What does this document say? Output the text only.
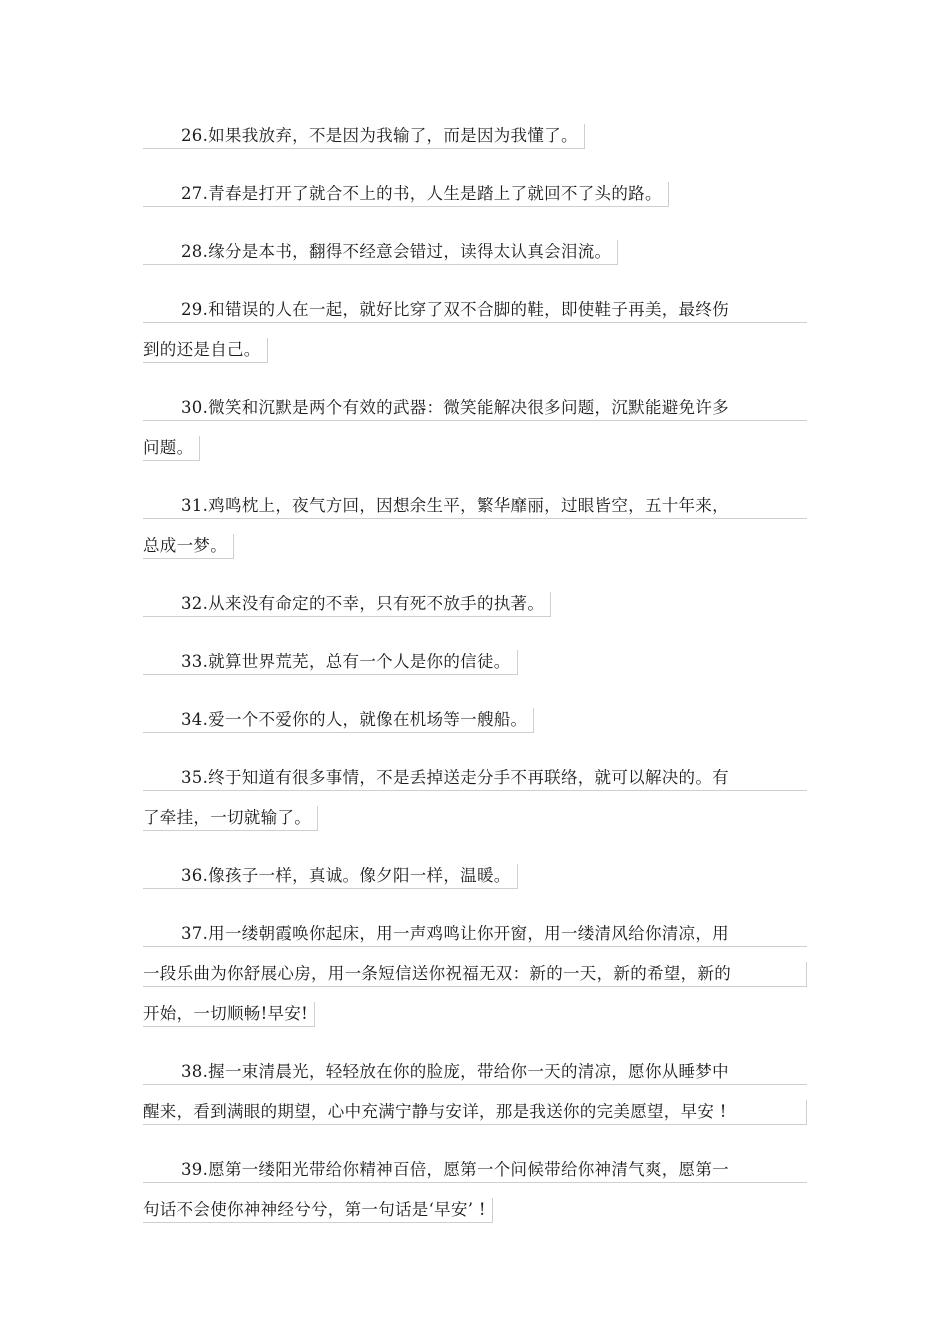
26.如果我放弃，不是因为我输了，而是因为我懂了。

27.青春是打开了就合不上的书，人生是踏上了就回不了头的路。

28.缘分是本书，翻得不经意会错过，读得太认真会泪流。

29.和错误的人在一起，就好比穿了双不合脚的鞋，即使鞋子再美，最终伤
到的还是自己。

30.微笑和沉默是两个有效的武器：微笑能解决很多问题，沉默能避免许多
问题。

31.鸡鸣枕上，夜气方回，因想余生平，繁华靡丽，过眼皆空，五十年来，
总成一梦。

32.从来没有命定的不幸，只有死不放手的执著。

33.就算世界荒芜，总有一个人是你的信徒。

34.爱一个不爱你的人，就像在机场等一艘船。

35.终于知道有很多事情，不是丢掉送走分手不再联络，就可以解决的。有
了牵挂，一切就输了。

36.像孩子一样，真诚。像夕阳一样，温暖。

37.用一缕朝霞唤你起床，用一声鸡鸣让你开窗，用一缕清风给你清凉，用
一段乐曲为你舒展心房，用一条短信送你祝福无双：新的一天，新的希望，新的
开始，一切顺畅!早安!

38.握一束清晨光，轻轻放在你的脸庞，带给你一天的清凉，愿你从睡梦中
醒来，看到满眼的期望，心中充满宁静与安详，那是我送你的完美愿望，早安 !

39.愿第一缕阳光带给你精神百倍，愿第一个问候带给你神清气爽，愿第一
句话不会使你神神经兮兮，第一句话是‘早安’ !
